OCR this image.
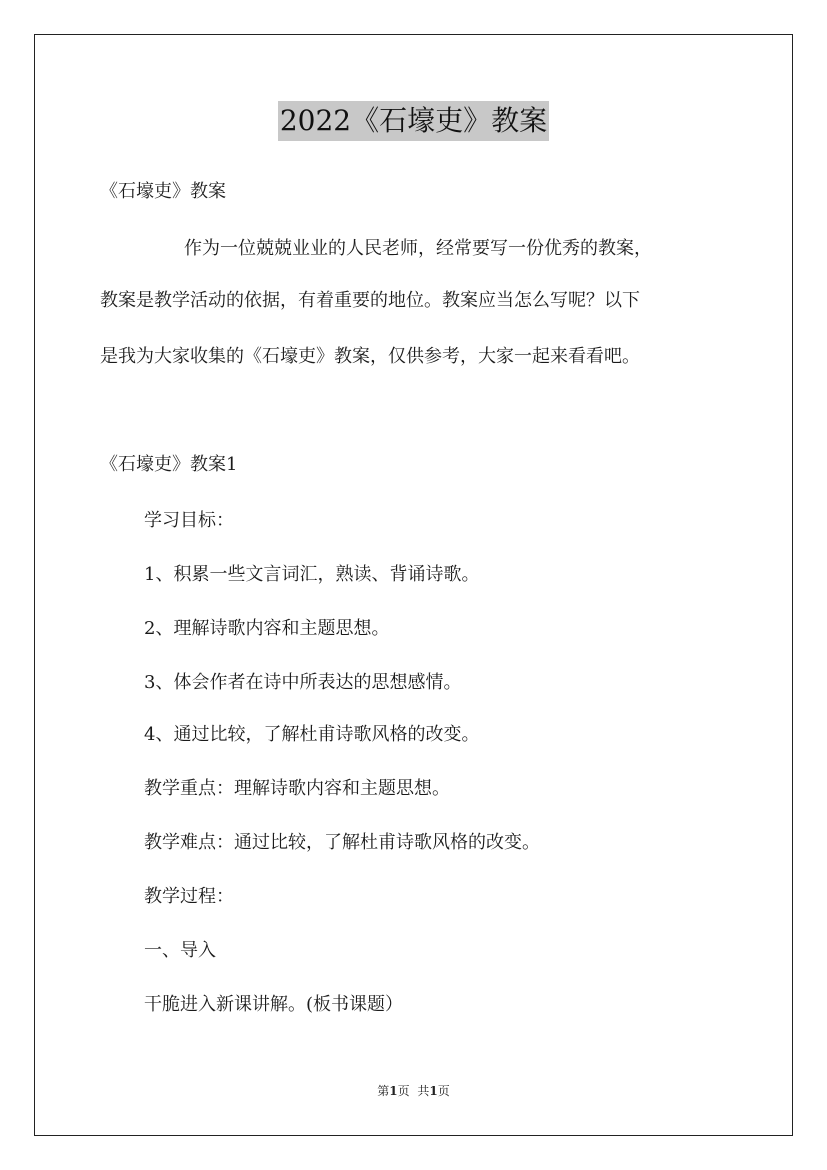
2022《石壕吏》教案
《石壕吏》教案
作为一位兢兢业业的人民老师，经常要写一份优秀的教案，
教案是教学活动的依据，有着重要的地位。教案应当怎么写呢？以下
是我为大家收集的《石壕吏》教案，仅供参考，大家一起来看看吧。
《石壕吏》教案1
学习目标：
1、积累一些文言词汇，熟读、背诵诗歌。
2、理解诗歌内容和主题思想。
3、体会作者在诗中所表达的思想感情。
4、通过比较，了解杜甫诗歌风格的改变。
教学重点：理解诗歌内容和主题思想。
教学难点：通过比较，了解杜甫诗歌风格的改变。
教学过程：
一、导入
干脆进入新课讲解。(板书课题）
第1页 共1页
